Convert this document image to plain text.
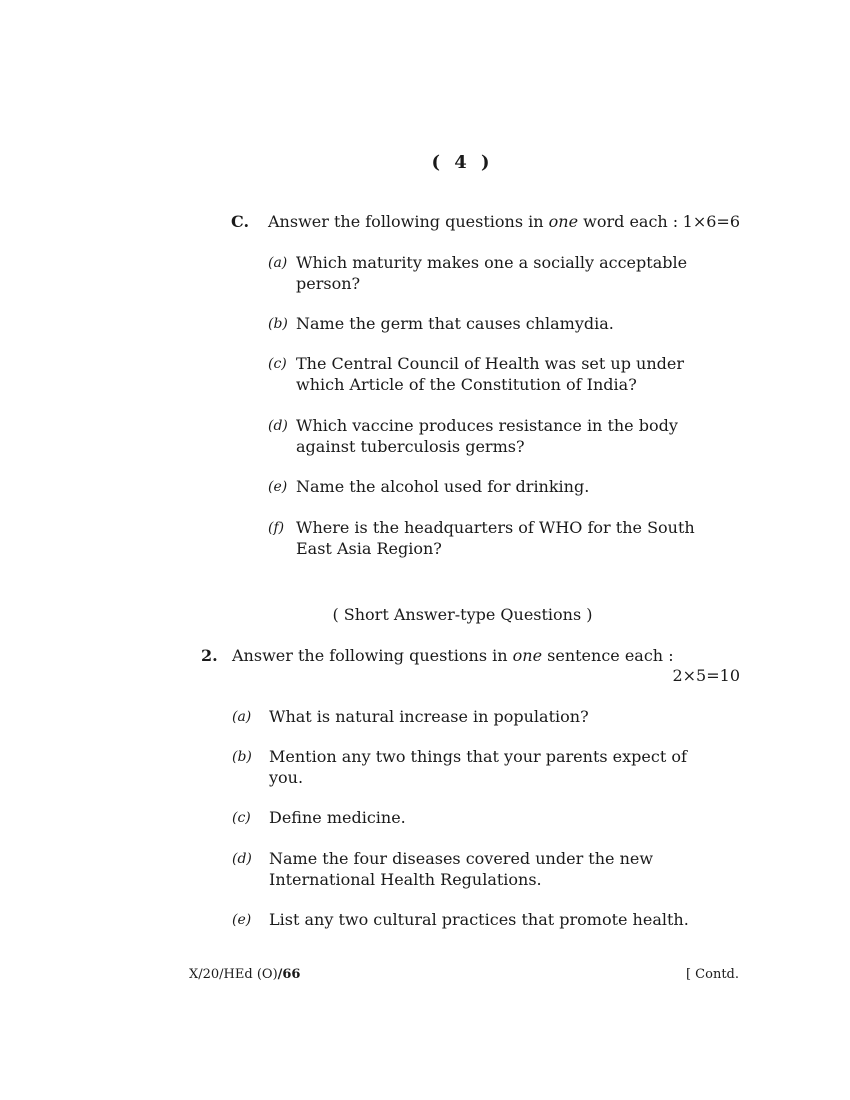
( 4 )
C. Answer the following questions in one word each : 1×6=6
(a) Which maturity makes one a socially acceptable
person?
(b) Name the germ that causes chlamydia.
(c) The Central Council of Health was set up under
which Article of the Constitution of India?
(d) Which vaccine produces resistance in the body
against tuberculosis germs?
(e) Name the alcohol used for drinking.
(f) Where is the headquarters of WHO for the South
East Asia Region?
( Short Answer-type Questions )
2. Answer the following questions in one sentence each :
2×5=10
(a) What is natural increase in population?
(b) Mention any two things that your parents expect of
you.
(c) Define medicine.
(d) Name the four diseases covered under the new
International Health Regulations.
(e) List any two cultural practices that promote health.
X/20/HEd (O)/66	[ Contd.
